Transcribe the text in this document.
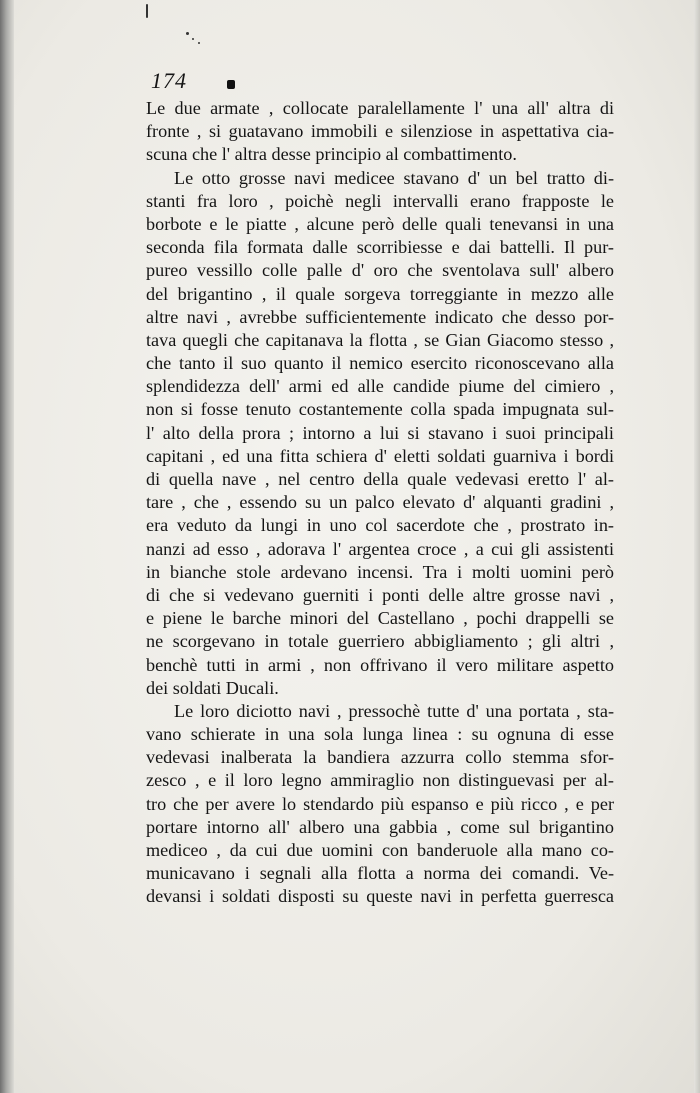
174
Le due armate , collocate paralellamente l' una all' altra di
fronte , si guatavano immobili e silenziose in aspettativa cia-
scuna che l' altra desse principio al combattimento.
Le otto grosse navi medicee stavano d' un bel tratto di-
stanti fra loro , poichè negli intervalli erano frapposte le
borbote e le piatte , alcune però delle quali tenevansi in una
seconda fila formata dalle scorribiesse e dai battelli. Il pur-
pureo vessillo colle palle d' oro che sventolava sull' albero
del brigantino , il quale sorgeva torreggiante in mezzo alle
altre navi , avrebbe sufficientemente indicato che desso por-
tava quegli che capitanava la flotta , se Gian Giacomo stesso ,
che tanto il suo quanto il nemico esercito riconoscevano alla
splendidezza dell' armi ed alle candide piume del cimiero ,
non si fosse tenuto costantemente colla spada impugnata sul-
l' alto della prora ; intorno a lui si stavano i suoi principali
capitani , ed una fitta schiera d' eletti soldati guarniva i bordi
di quella nave , nel centro della quale vedevasi eretto l' al-
tare , che , essendo su un palco elevato d' alquanti gradini ,
era veduto da lungi in uno col sacerdote che , prostrato in-
nanzi ad esso , adorava l' argentea croce , a cui gli assistenti
in bianche stole ardevano incensi. Tra i molti uomini però
di che si vedevano guerniti i ponti delle altre grosse navi ,
e piene le barche minori del Castellano , pochi drappelli se
ne scorgevano in totale guerriero abbigliamento ; gli altri ,
benchè tutti in armi , non offrivano il vero militare aspetto
dei soldati Ducali.
Le loro diciotto navi , pressochè tutte d' una portata , sta-
vano schierate in una sola lunga linea : su ognuna di esse
vedevasi inalberata la bandiera azzurra collo stemma sfor-
zesco , e il loro legno ammiraglio non distinguevasi per al-
tro che per avere lo stendardo più espanso e più ricco , e per
portare intorno all' albero una gabbia , come sul brigantino
mediceo , da cui due uomini con banderuole alla mano co-
municavano i segnali alla flotta a norma dei comandi. Ve-
devansi i soldati disposti su queste navi in perfetta guerresca
